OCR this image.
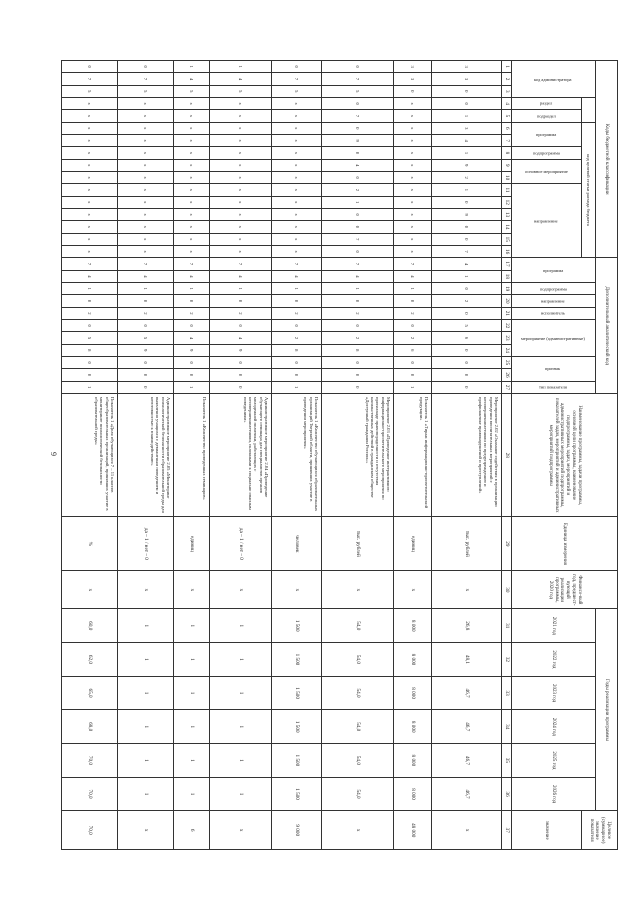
9
Коды бюджетной классификации																Дополнительный аналитический код											Наименование программы, задачи программы, основной цели программы, наименование подпрограммы, задач, мероприятий и административных мероприятий подпрограммы, показателей задач, мероприятий и административных мероприятий подпрограммы	Единица измерения	Финансо-вый год, предшест-вующий реализации программы, 2020 год	Годы реализации программы						Целевое (суммарное) значение показателя
код администратора					код целевой статьи расхода бюджета											программа		подпрограмма	направление	исполнитель	мероприятие (административные)			признак		тип показателя				2021 год	2022 год	2023 год	2024 год	2025 год	2026 год	
			раздел	подраздел	программа		подпрограмма	основное мероприятие		направление																										значение
1	2	3	4	5	6	7	8	9	10	11	12	13	14	15	16	17	18	19	20	21	22	23	24	25	26	27	28	29	30	31	32	33	34	35	36	37
3	3	0	0	1	3	4	1	9	2	1	0	9	0	0	7	4	1	0	2	0	5	6	0	0	0	0	Мероприятие 2.02 «Оказание содействия в организации проведения воспитательных мероприятий с несовершеннолетними по предупреждению и профилактике правонарушений и преступлений»	тыс. рублей	х	26,8	48,1	46,7	46,7	46,7	46,7	х
3	3	0	x	x	x	x	x	x	x	x	x	x	x	x	x	7	4	1	0	2	0	2	6	0	0	1	Показатель 1 «Тираж информационно-просветительской продукции»	единиц	х	8 000	8 000	8 000	8 000	8 000	8 000	48 000
0	7	5	0	7	0	9	0	4	0	2	1	0	0	7	0	7	4	1	0	2	0	2	8	0	0	0	Мероприятие 2.03 «Проведение интерактивного информационно-просветительского мероприятия по пропаганде правопорядочности и отсутствия насильственных действий в гражданском обществе «Доступный гражданин России»»	тыс. рублей	х	54,0	54,0	54,0	54,0	54,0	54,0	х
0	7	5	x	x	x	x	x	x	x	x	x	x	x	x	x	7	4	1	0	2	0	2	8	0	0	1	Показатель 1 «Количество обучающихся образовательных организаций Тверской области, принявших участие в проведении мероприятия»	человек	х	1 500	1 500	1 500	1 500	1 500	1 500	9 000
1	4	5	x	x	x	x	x	x	x	x	x	x	x	x	x	7	4	1	0	2	0	4	9	0	0	0	Административное мероприятие 2.04 «Проведение обучающего семинара для специалистов органов молодежной политики, работающих с несовершеннолетними, склонными к социально опасным поведениям»	да – 1 / нет – 0	х	1	1	1	1	1	1	х
1	4	5	x	x	x	x	x	x	x	x	x	x	x	x	x	7	4	1	0	2	0	4	9	0	0	1	Показатель 1 «Количество проведенных семинаров»	единиц	х	1	1	1	1	1	1	6
0	7	5	x	x	x	x	x	x	x	x	x	x	x	x	x	7	4	1	0	2	0	5	9	0	0	0	Административное мероприятие 2.05 «Мониторинг психологической безопасности образовательной среды для выявления учащихся с девиантным поведением и неготовностью к взаимодействию»	да – 1 / нет – 0	х	1	1	1	1	1	1	х
0	7	5	x	x	x	x	x	x	x	x	x	x	x	x	x	7	4	1	0	2	0	5	8	0	0	1	Показатель 1 «Доля обучающихся 7 – 11 классов общеобразовательных организаций, принявших участие в мониторинге психологической безопасности образовательной среды»	%	х	60,0	62,0	65,0	68,0	70,0	70,0	70,0
